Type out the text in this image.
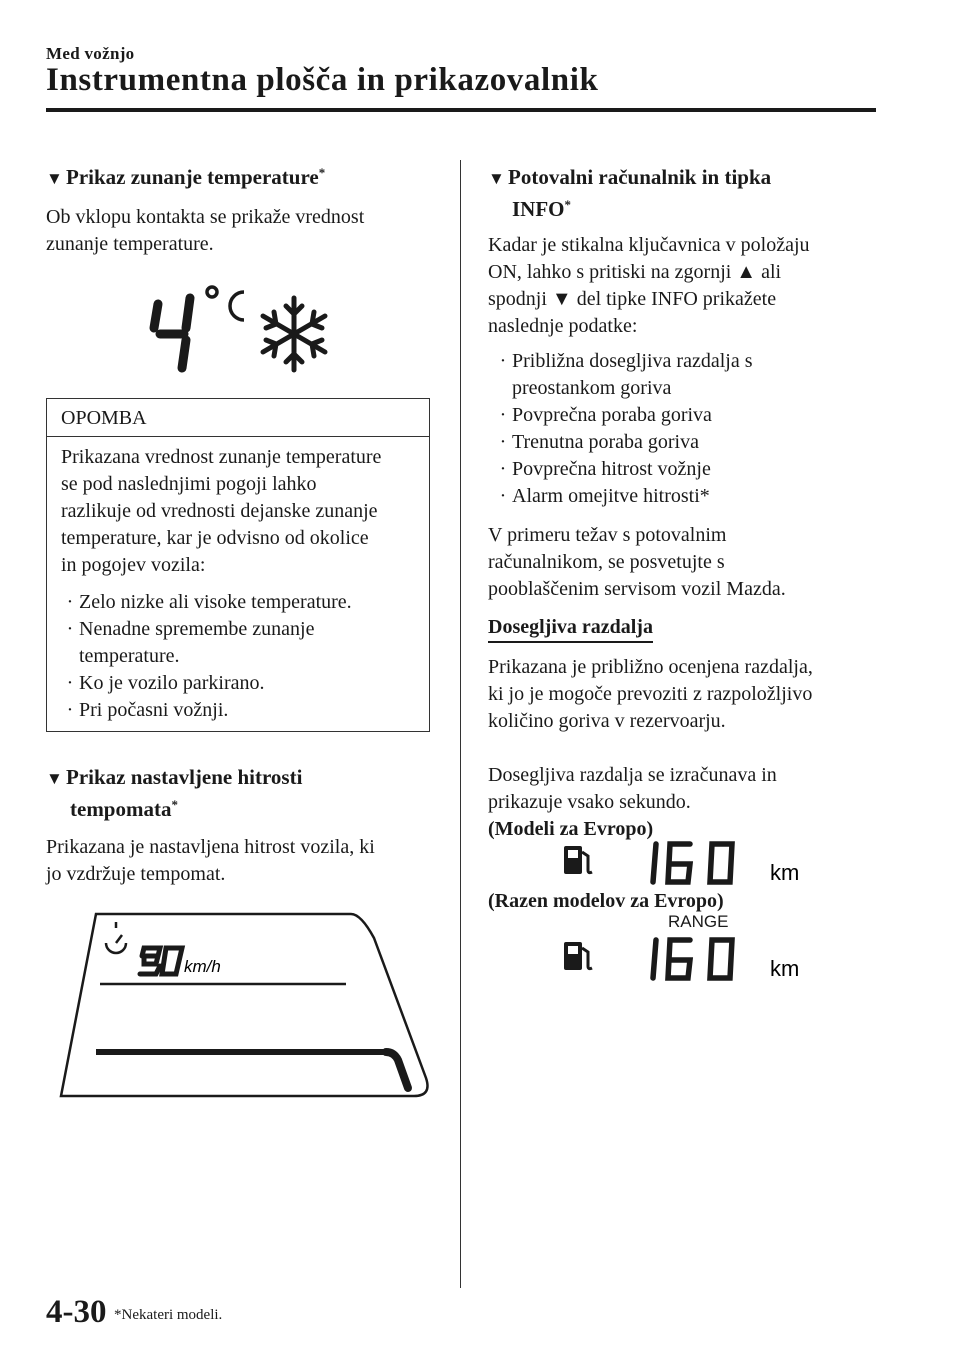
Med vožnjo
Instrumentna plošča in prikazovalnik
▼ Prikaz zunanje temperature*
Ob vklopu kontakta se prikaže vrednost
zunanje temperature.
OPOMBA
Prikazana vrednost zunanje temperature
se pod naslednjimi pogoji lahko
razlikuje od vrednosti dejanske zunanje
temperature, kar je odvisno od okolice
in pogojev vozila:
· Zelo nizke ali visoke temperature.
· Nenadne spremembe zunanje
temperature.
· Ko je vozilo parkirano.
· Pri počasni vožnji.
▼ Prikaz nastavljene hitrosti
tempomata*
Prikazana je nastavljena hitrost vozila, ki
jo vzdržuje tempomat.
km/h
▼ Potovalni računalnik in tipka
INFO*
Kadar je stikalna ključavnica v položaju
ON, lahko s pritiski na zgornji ▲ ali
spodnji ▼ del tipke INFO prikažete
naslednje podatke:
· Približna dosegljiva razdalja s
preostankom goriva
· Povprečna poraba goriva
· Trenutna poraba goriva
· Povprečna hitrost vožnje
· Alarm omejitve hitrosti*
V primeru težav s potovalnim
računalnikom, se posvetujte s
pooblaščenim servisom vozil Mazda.
Dosegljiva razdalja
Prikazana je približno ocenjena razdalja,
ki jo je mogoče prevoziti z razpoložljivo
količino goriva v rezervoarju.
Dosegljiva razdalja se izračunava in
prikazuje vsako sekundo.
(Modeli za Evropo)
km
(Razen modelov za Evropo)
RANGE
km
4-30 *Nekateri modeli.
